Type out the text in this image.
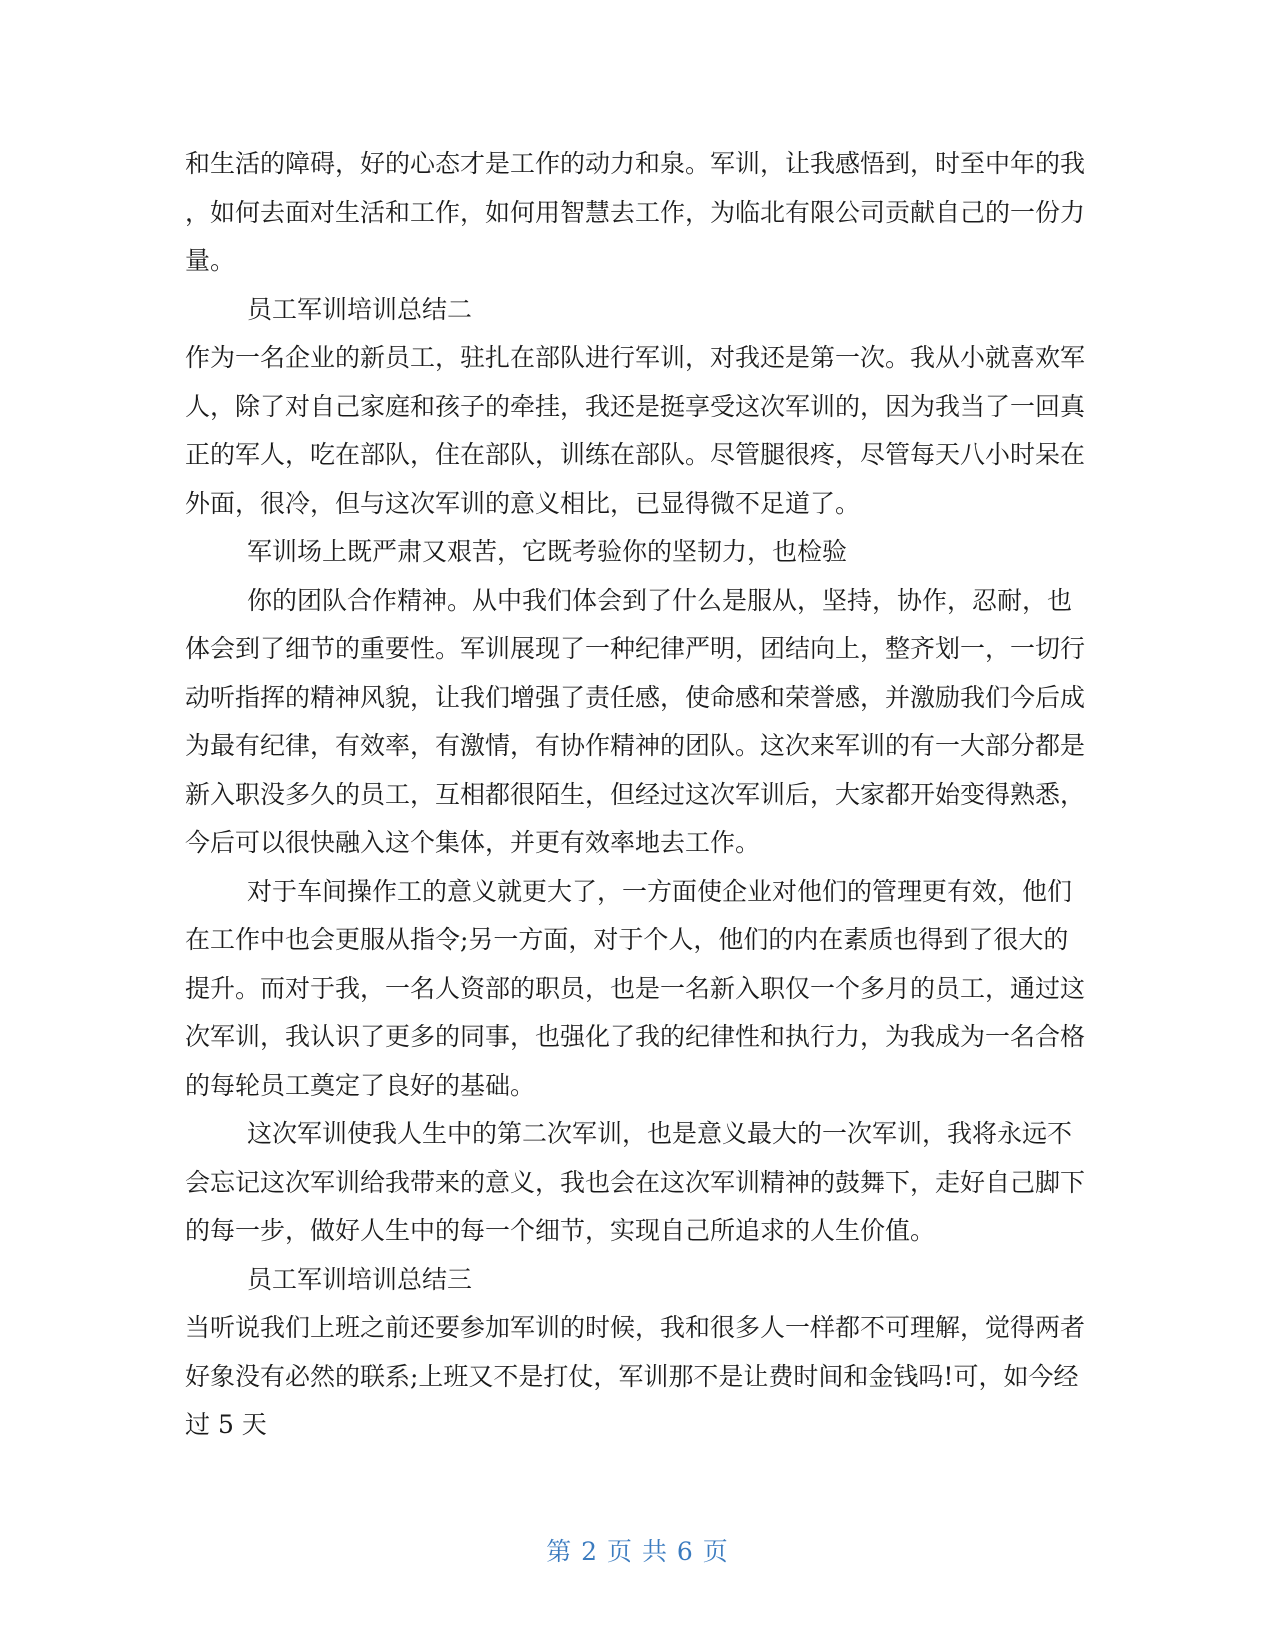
和生活的障碍，好的心态才是工作的动力和泉。军训，让我感悟到，时至中年的我
，如何去面对生活和工作，如何用智慧去工作，为临北有限公司贡献自己的一份力
量。

员工军训培训总结二

作为一名企业的新员工，驻扎在部队进行军训，对我还是第一次。我从小就喜欢军
人，除了对自己家庭和孩子的牵挂，我还是挺享受这次军训的，因为我当了一回真
正的军人，吃在部队，住在部队，训练在部队。尽管腿很疼，尽管每天八小时呆在
外面，很冷，但与这次军训的意义相比，已显得微不足道了。

军训场上既严肃又艰苦，它既考验你的坚韧力，也检验

你的团队合作精神。从中我们体会到了什么是服从，坚持，协作，忍耐，也
体会到了细节的重要性。军训展现了一种纪律严明，团结向上，整齐划一，一切行
动听指挥的精神风貌，让我们增强了责任感，使命感和荣誉感，并激励我们今后成
为最有纪律，有效率，有激情，有协作精神的团队。这次来军训的有一大部分都是
新入职没多久的员工，互相都很陌生，但经过这次军训后，大家都开始变得熟悉，
今后可以很快融入这个集体，并更有效率地去工作。

对于车间操作工的意义就更大了，一方面使企业对他们的管理更有效，他们
在工作中也会更服从指令;另一方面，对于个人，他们的内在素质也得到了很大的
提升。而对于我，一名人资部的职员，也是一名新入职仅一个多月的员工，通过这
次军训，我认识了更多的同事，也强化了我的纪律性和执行力，为我成为一名合格
的每轮员工奠定了良好的基础。

这次军训使我人生中的第二次军训，也是意义最大的一次军训，我将永远不
会忘记这次军训给我带来的意义，我也会在这次军训精神的鼓舞下，走好自己脚下
的每一步，做好人生中的每一个细节，实现自己所追求的人生价值。

员工军训培训总结三

当听说我们上班之前还要参加军训的时候，我和很多人一样都不可理解，觉得两者
好象没有必然的联系;上班又不是打仗，军训那不是让费时间和金钱吗!可，如今经
过 5 天

第 2 页 共 6 页
